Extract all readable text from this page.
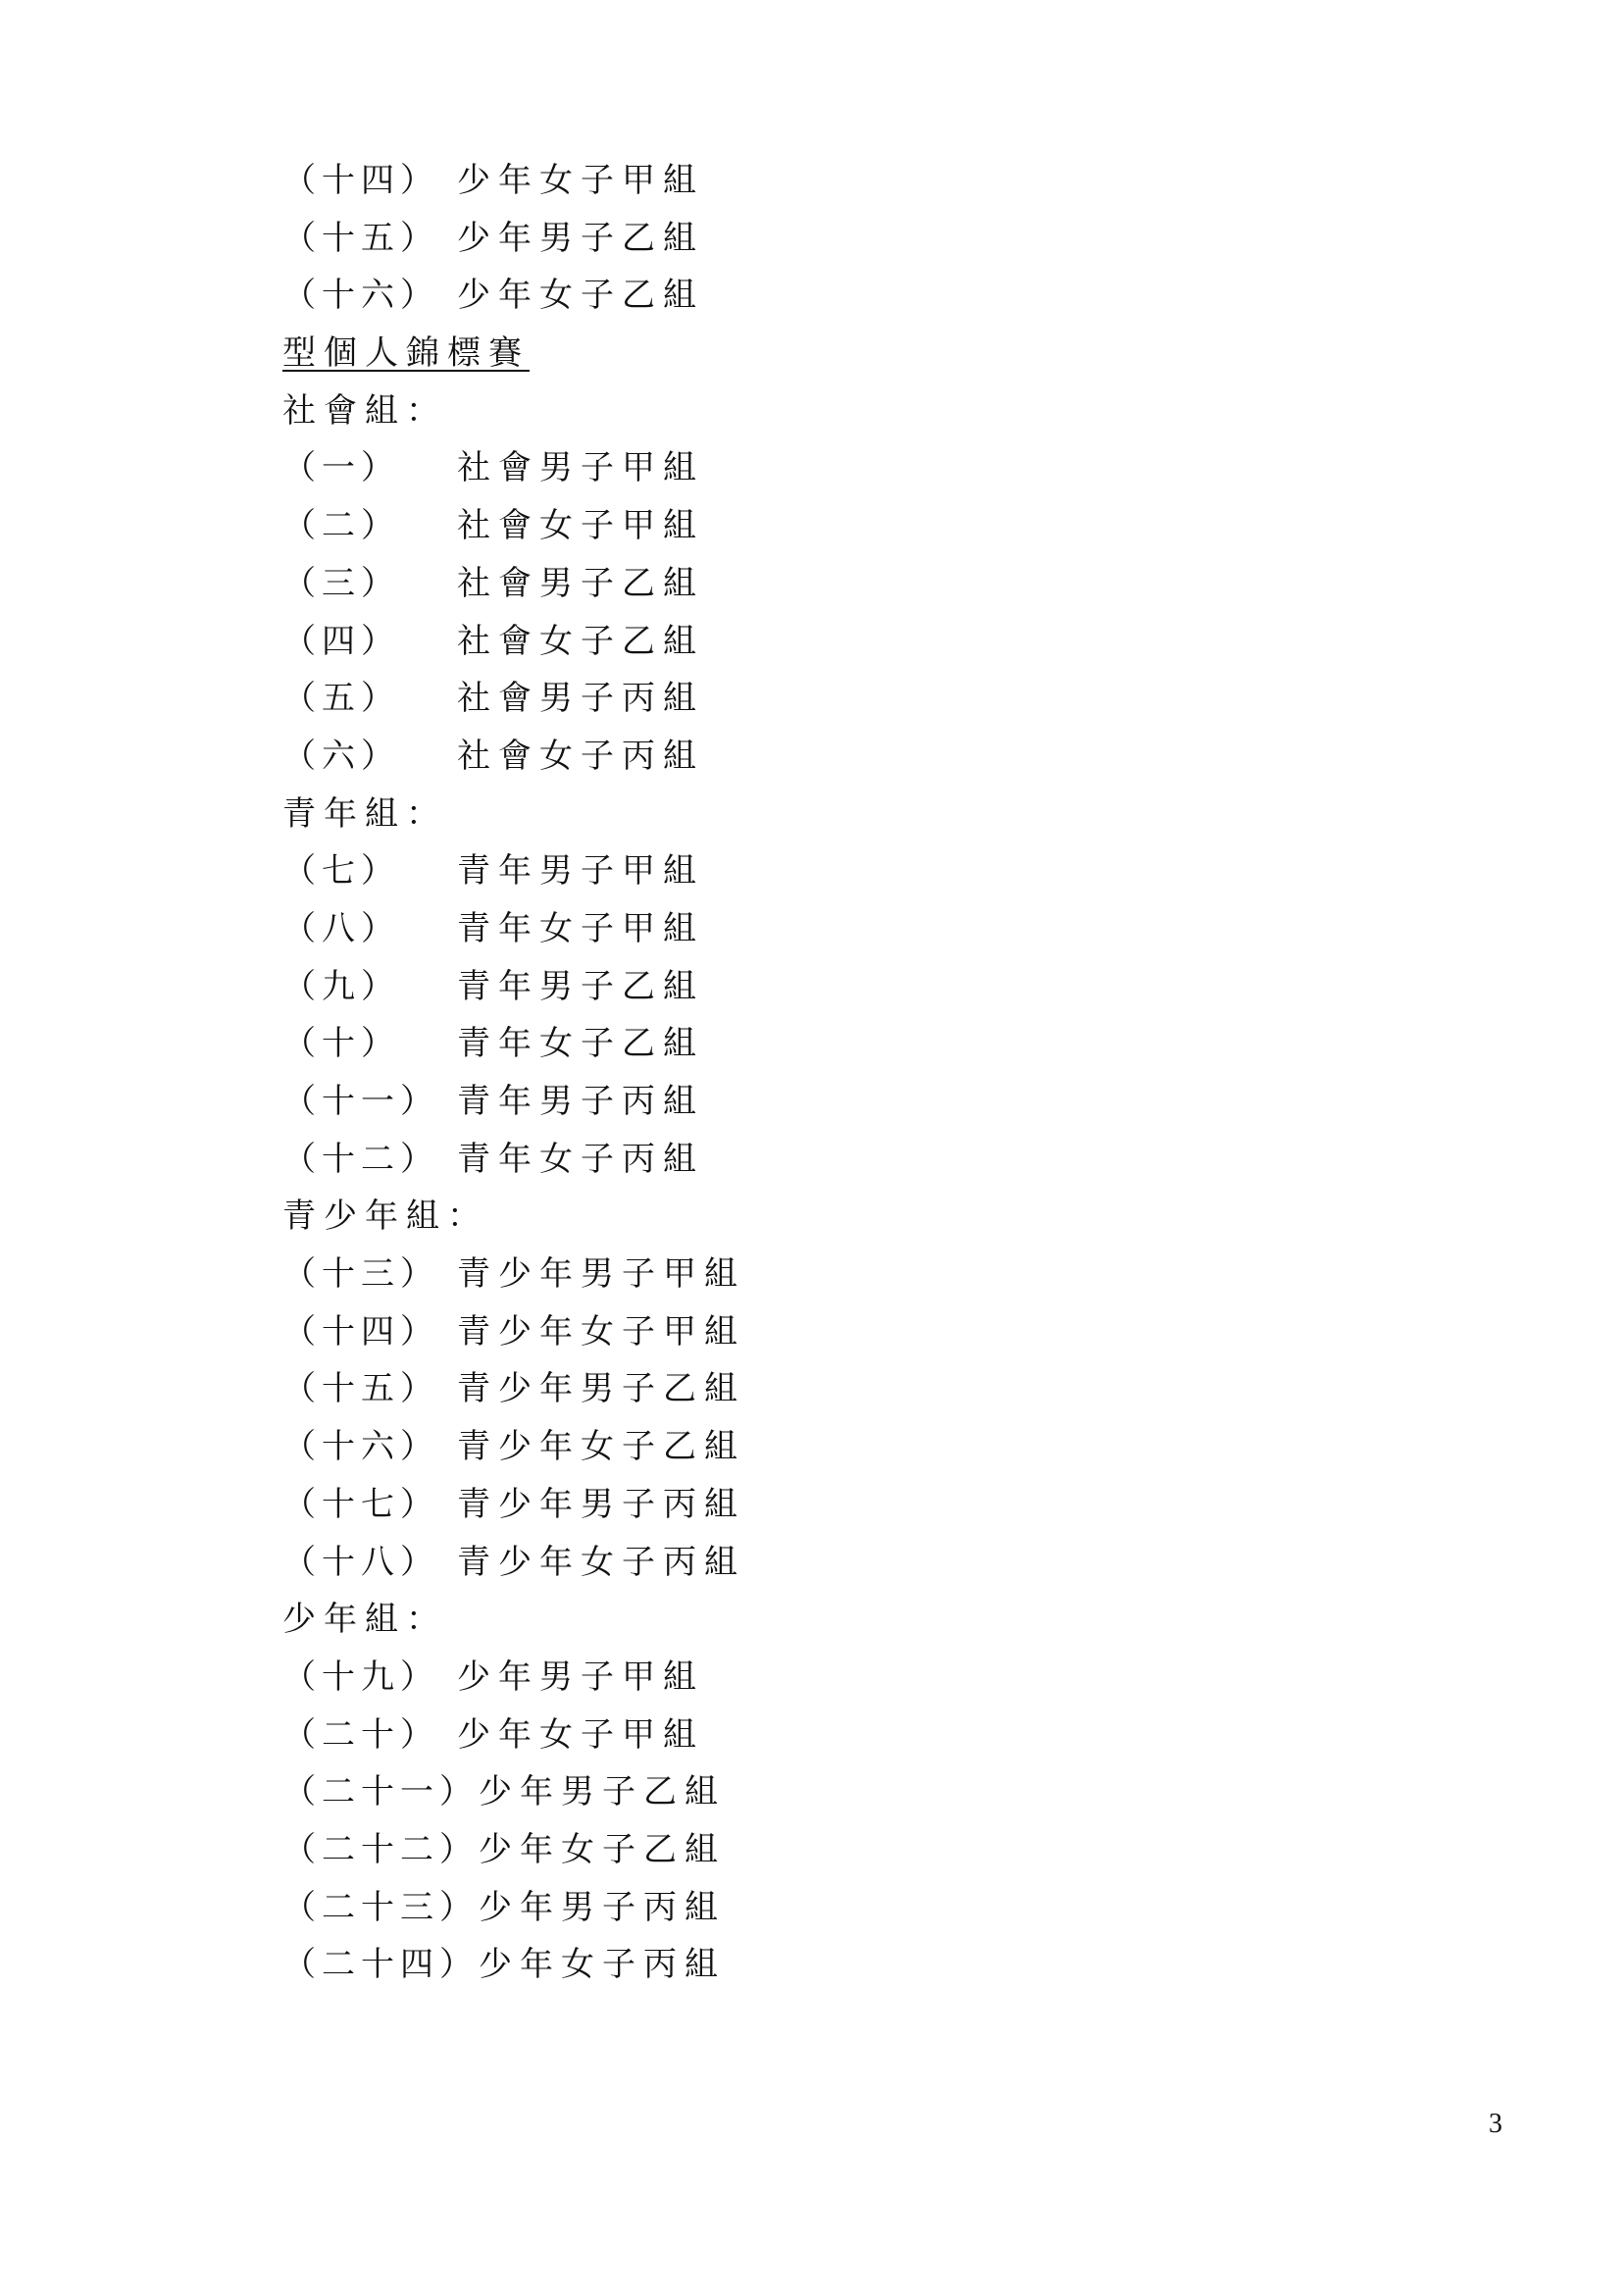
（十四） 少年女子甲組
（十五） 少年男子乙組
（十六） 少年女子乙組
型個人錦標賽
社會組：
（一） 社會男子甲組
（二） 社會女子甲組
（三） 社會男子乙組
（四） 社會女子乙組
（五） 社會男子丙組
（六） 社會女子丙組
青年組：
（七） 青年男子甲組
（八） 青年女子甲組
（九） 青年男子乙組
（十） 青年女子乙組
（十一） 青年男子丙組
（十二） 青年女子丙組
青少年組：
（十三） 青少年男子甲組
（十四） 青少年女子甲組
（十五） 青少年男子乙組
（十六） 青少年女子乙組
（十七） 青少年男子丙組
（十八） 青少年女子丙組
少年組：
（十九） 少年男子甲組
（二十） 少年女子甲組
（二十一）少年男子乙組
（二十二）少年女子乙組
（二十三）少年男子丙組
（二十四）少年女子丙組
3
